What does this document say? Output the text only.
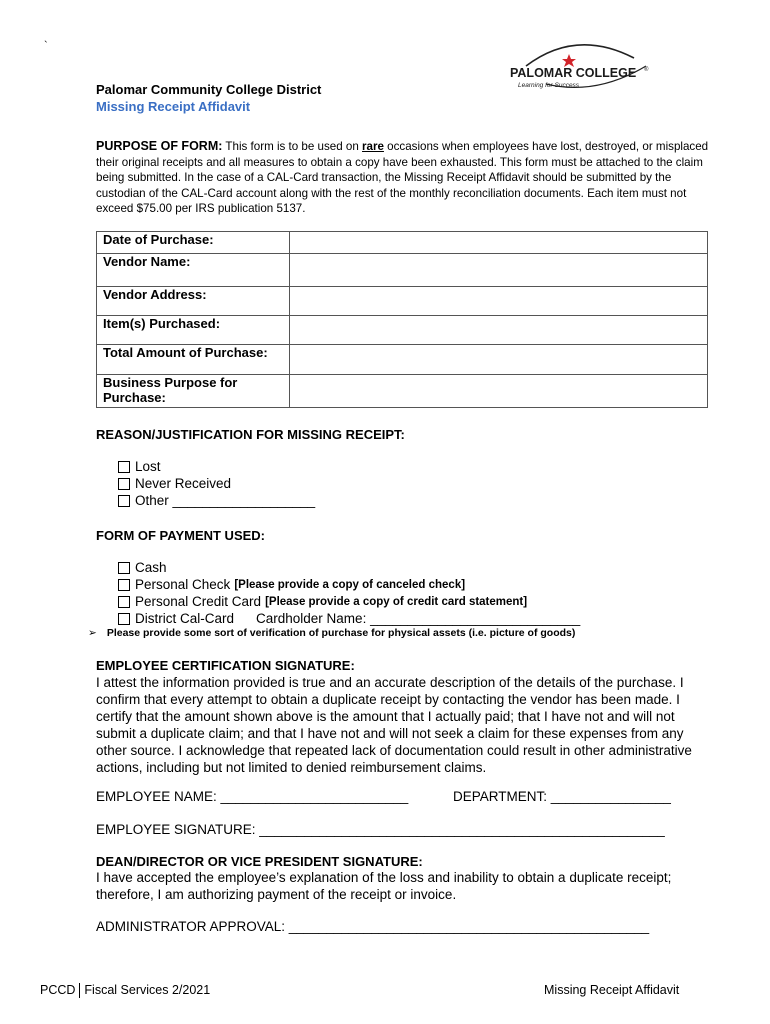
`
Palomar Community College District
Missing Receipt Affidavit
PALOMAR COLLEGE ®
Learning for Success
PURPOSE OF FORM: This form is to be used on rare occasions when employees have lost, destroyed, or misplaced their original receipts and all measures to obtain a copy have been exhausted. This form must be attached to the claim being submitted. In the case of a CAL-Card transaction, the Missing Receipt Affidavit should be submitted by the custodian of the CAL-Card account along with the rest of the monthly reconciliation documents. Each item must not exceed $75.00 per IRS publication 5137.
Date of Purchase:	
Vendor Name:	
Vendor Address:	
Item(s) Purchased:	
Total Amount of Purchase:	
Business Purpose for Purchase:	
REASON/JUSTIFICATION FOR MISSING RECEIPT:
Lost
Never Received
Other ___________________
FORM OF PAYMENT USED:
Cash
Personal Check [Please provide a copy of canceled check]
Personal Credit Card [Please provide a copy of credit card statement]
District Cal-Card Cardholder Name: ____________________________
➢ Please provide some sort of verification of purchase for physical assets (i.e. picture of goods)
EMPLOYEE CERTIFICATION SIGNATURE:
I attest the information provided is true and an accurate description of the details of the purchase. I confirm that every attempt to obtain a duplicate receipt by contacting the vendor has been made. I certify that the amount shown above is the amount that I actually paid; that I have not and will not submit a duplicate claim; and that I have not and will not seek a claim for these expenses from any other source. I acknowledge that repeated lack of documentation could result in other administrative actions, including but not limited to denied reimbursement claims.
EMPLOYEE NAME: _________________________	DEPARTMENT: ________________
EMPLOYEE SIGNATURE: ______________________________________________________
DEAN/DIRECTOR OR VICE PRESIDENT SIGNATURE:
I have accepted the employee’s explanation of the loss and inability to obtain a duplicate receipt; therefore, I am authorizing payment of the receipt or invoice.
ADMINISTRATOR APPROVAL: ________________________________________________
PCCD Fiscal Services 2/2021	Missing Receipt Affidavit
